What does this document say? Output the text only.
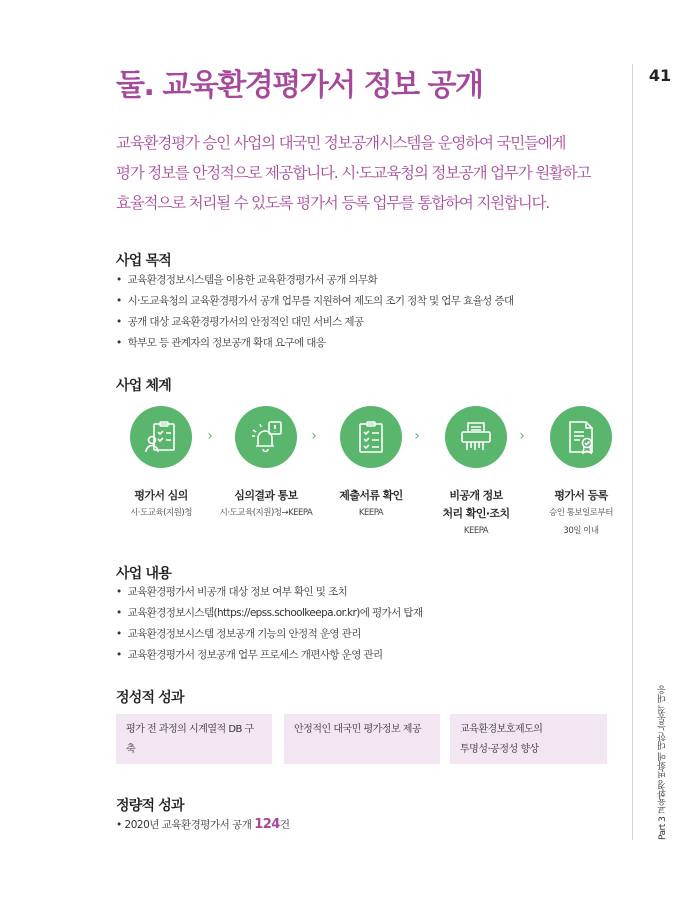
둘. 교육환경평가서 정보 공개	41
Part 3 교육환경 변화에 대한 능동적 대응

교육환경평가 승인 사업의 대국민 정보공개시스템을 운영하여 국민들에게
평가 정보를 안정적으로 제공합니다. 시·도교육청의 정보공개 업무가 원활하고
효율적으로 처리될 수 있도록 평가서 등록 업무를 통합하여 지원합니다.

사업 목적
• 교육환경정보시스템을 이용한 교육환경평가서 공개 의무화
• 시·도교육청의 교육환경평가서 공개 업무를 지원하여 제도의 조기 정착 및 업무 효율성 증대
• 공개 대상 교육환경평가서의 안정적인 대민 서비스 제공
• 학부모 등 관계자의 정보공개 확대 요구에 대응
사업 체계
평가서 심의
시·도교육(지원)청
›
심의결과 통보
시·도교육(지원)청→KEEPA
›
제출서류 확인
KEEPA
›
비공개 정보
처리 확인·조치
KEEPA
›
평가서 등록
승인 통보일로부터
30일 이내
사업 내용
• 교육환경평가서 비공개 대상 정보 여부 확인 및 조치
• 교육환경정보시스템(https://epss.schoolkeepa.or.kr)에 평가서 탑재
• 교육환경정보시스템 정보공개 기능의 안정적 운영 관리
• 교육환경평가서 정보공개 업무 프로세스 개편사항 운영 관리
정성적 성과
평가 전 과정의 시계열적 DB 구축
안정적인 대국민 평가정보 제공	교육환경보호제도의
투명성·공정성 향상
정량적 성과
• 2020년 교육환경평가서 공개 124건
